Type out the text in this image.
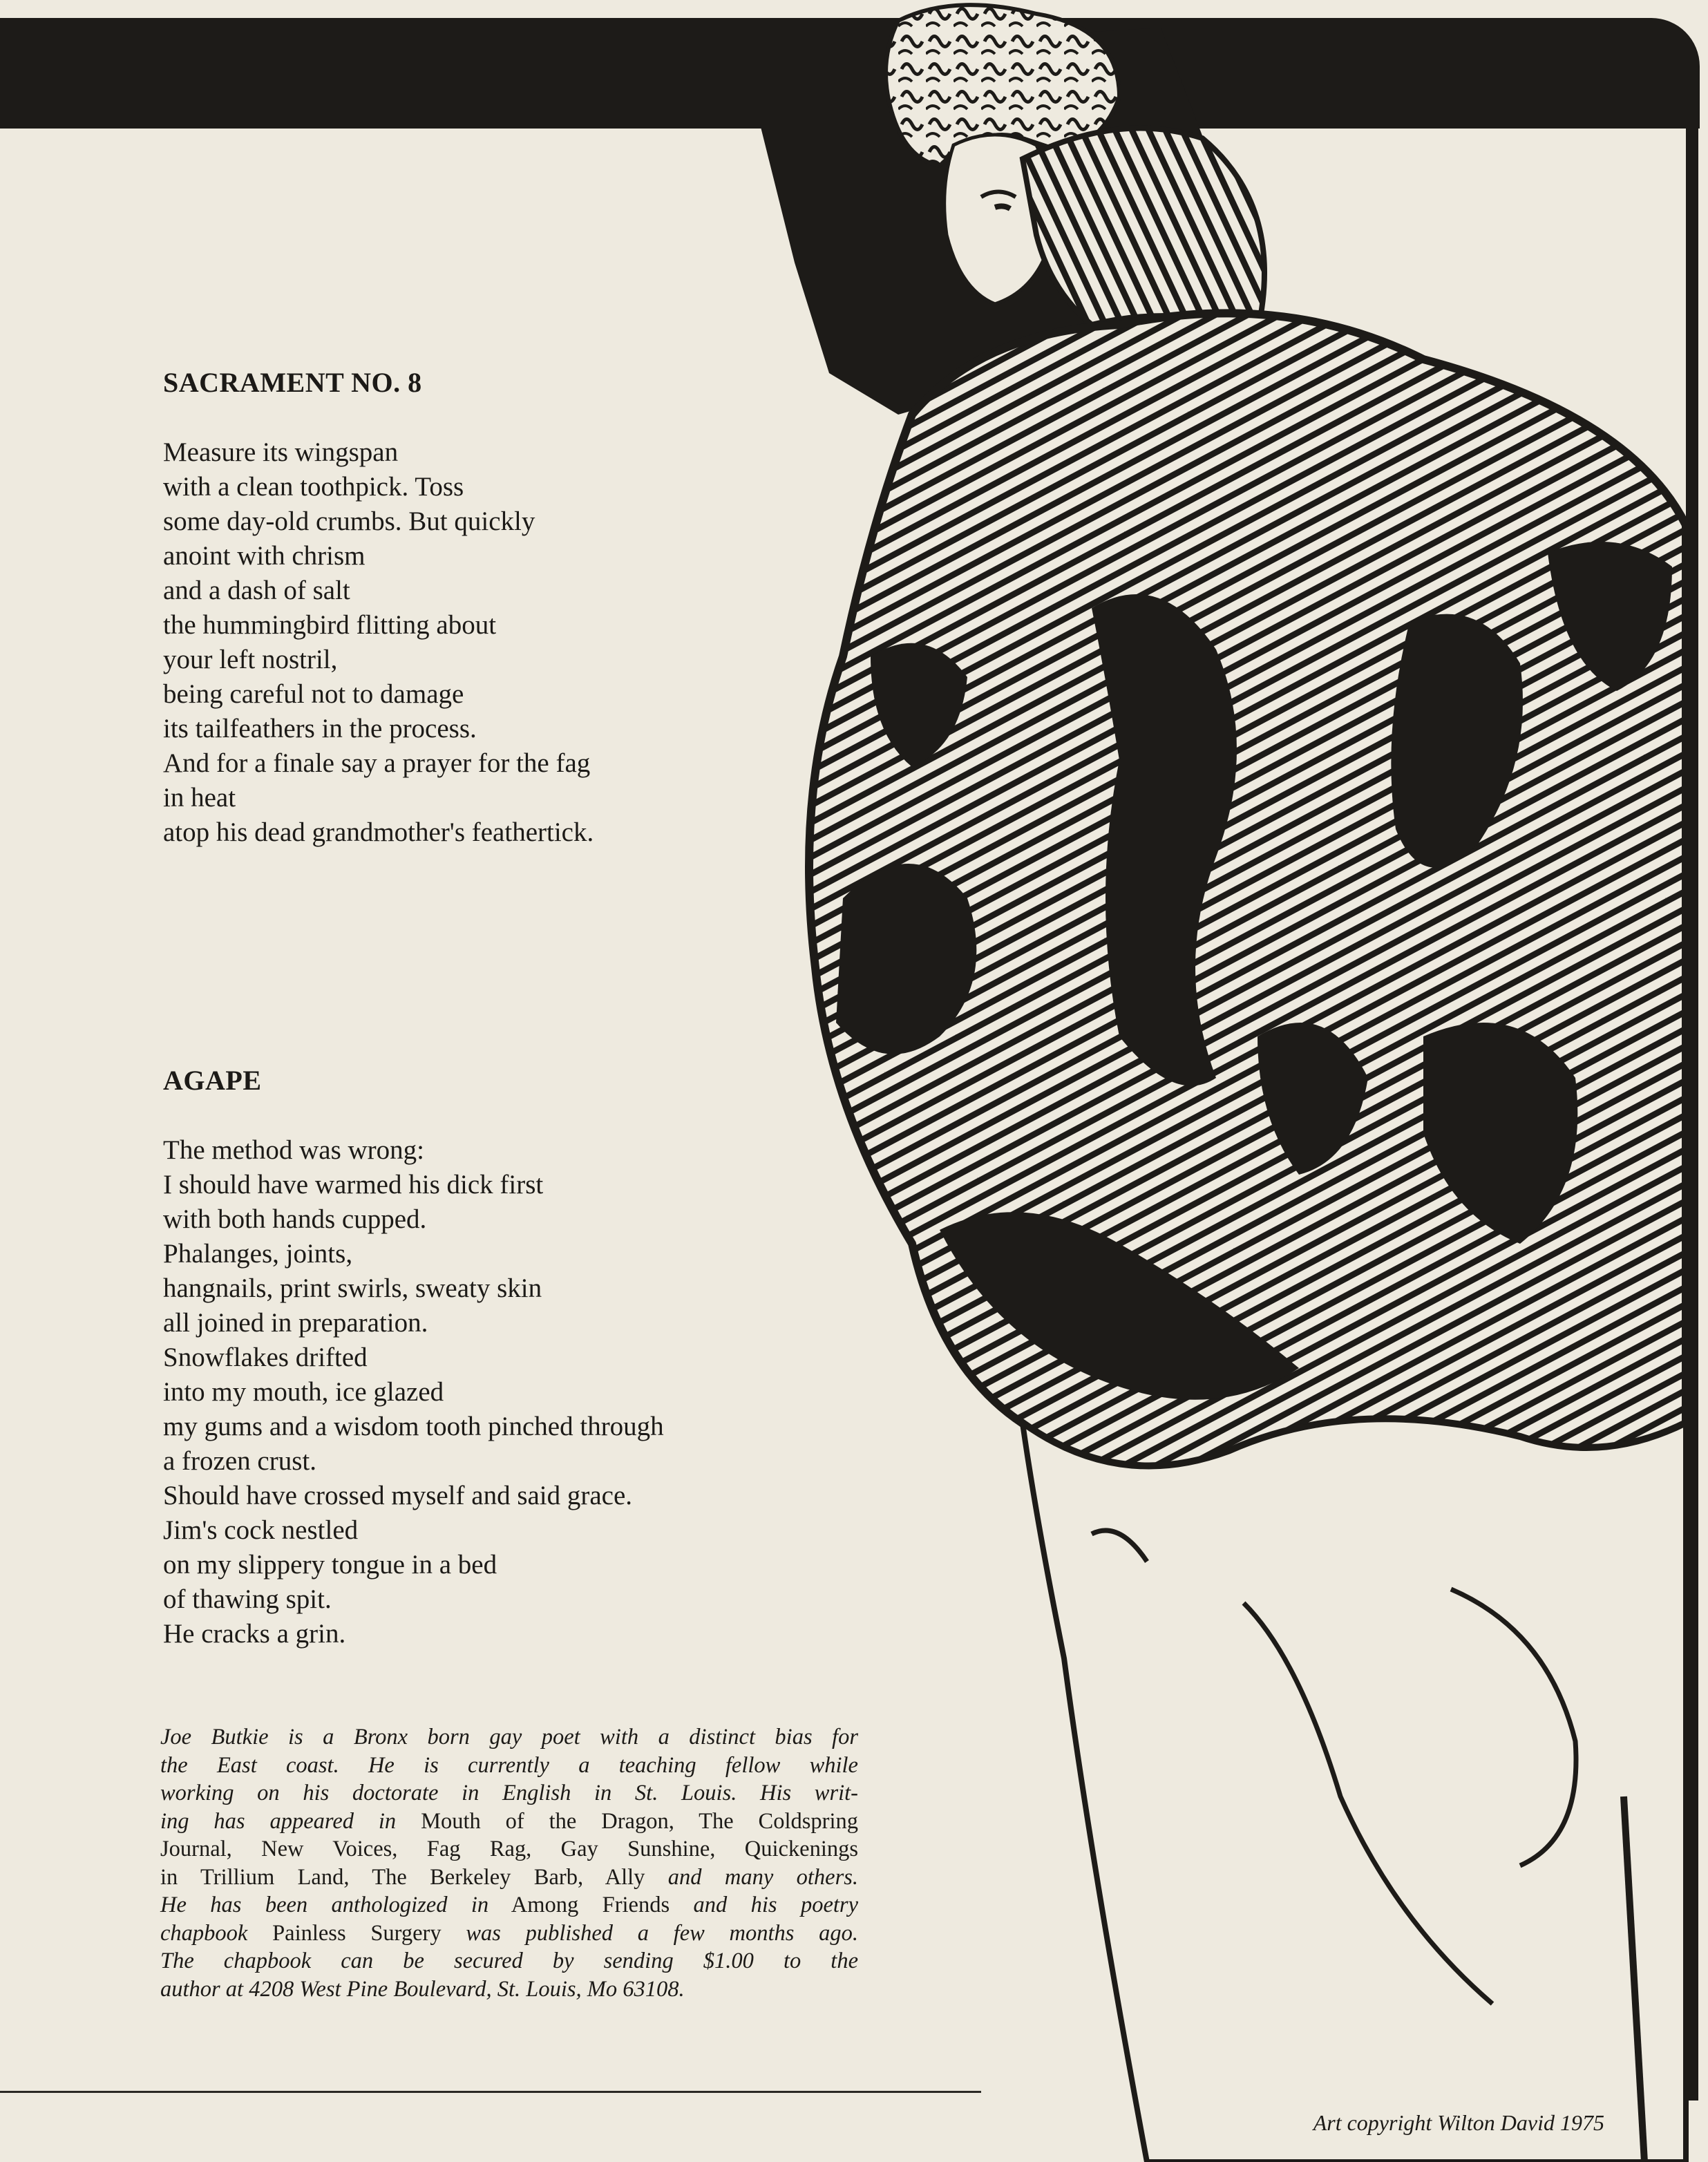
SACRAMENT NO. 8
Measure its wingspan
with a clean toothpick. Toss
some day-old crumbs. But quickly
anoint with chrism
and a dash of salt
the hummingbird flitting about
your left nostril,
being careful not to damage
its tailfeathers in the process.
And for a finale say a prayer for the fag
in heat
atop his dead grandmother's feathertick.
AGAPE
The method was wrong:
I should have warmed his dick first
with both hands cupped.
Phalanges, joints,
hangnails, print swirls, sweaty skin
all joined in preparation.
Snowflakes drifted
into my mouth, ice glazed
my gums and a wisdom tooth pinched through
a frozen crust.
Should have crossed myself and said grace.
Jim's cock nestled
on my slippery tongue in a bed
of thawing spit.
He cracks a grin.
Joe Butkie is a Bronx born gay poet with a distinct bias for
the East coast. He is currently a teaching fellow while
working on his doctorate in English in St. Louis. His writ-
ing has appeared in Mouth of the Dragon, The Coldspring
Journal, New Voices, Fag Rag, Gay Sunshine, Quickenings
in Trillium Land, The Berkeley Barb, Ally and many others.
He has been anthologized in Among Friends and his poetry
chapbook Painless Surgery was published a few months ago.
The chapbook can be secured by sending $1.00 to the
author at 4208 West Pine Boulevard, St. Louis, Mo 63108.
Art copyright Wilton David 1975
